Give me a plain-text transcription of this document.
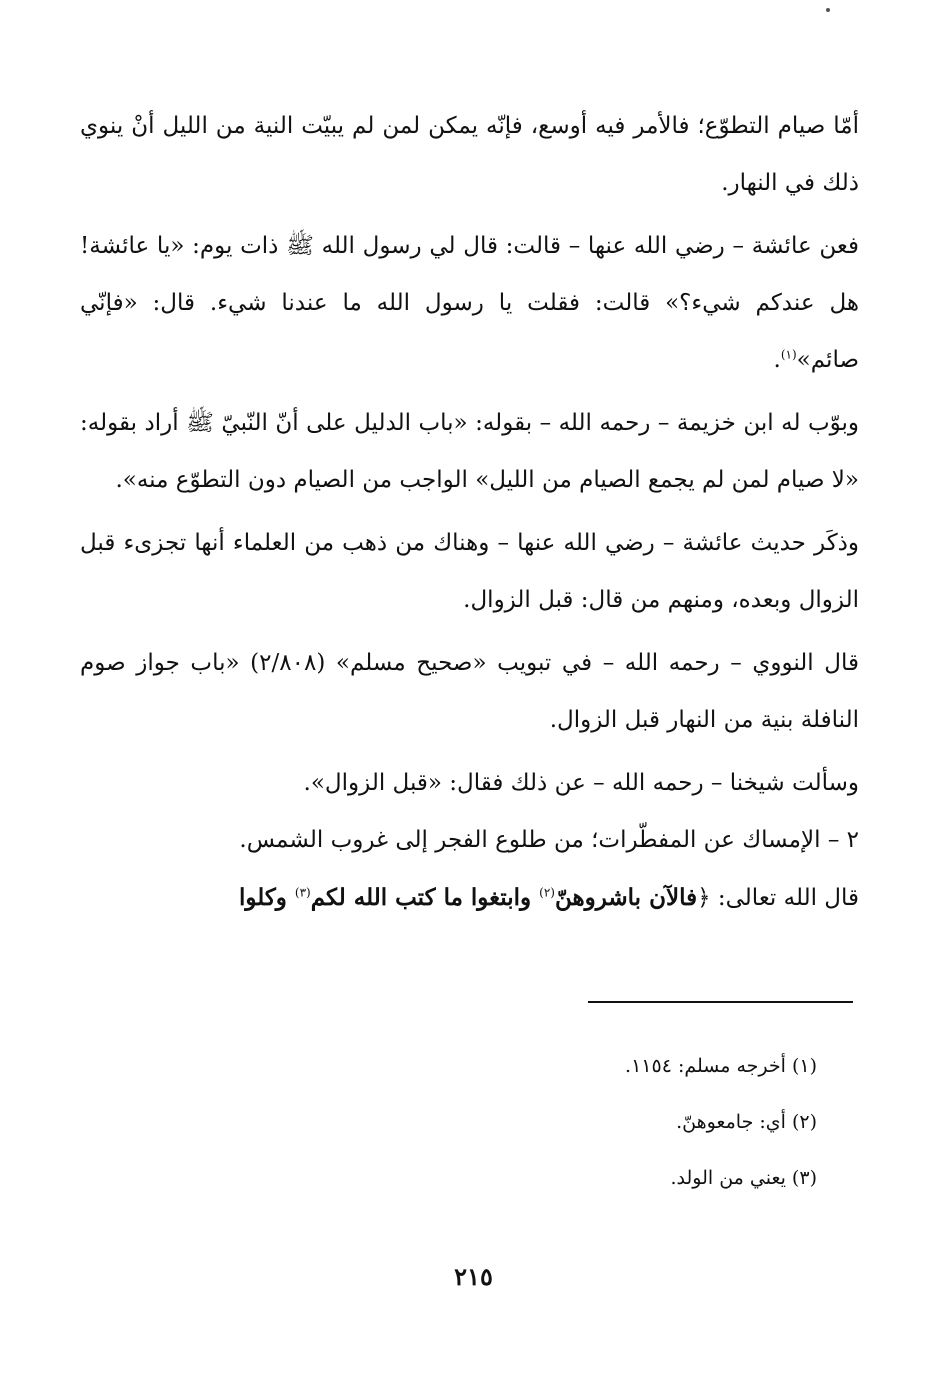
أمّا صيام التطوّع؛ فالأمر فيه أوسع، فإنّه يمكن لمن لم يبيّت النية من الليل أنْ ينوي ذلك في النهار.

فعن عائشة – رضي الله عنها – قالت: قال لي رسول الله ﷺ ذات يوم: «يا عائشة! هل عندكم شيء؟» قالت: فقلت يا رسول الله ما عندنا شيء. قال: «فإنّي صائم»$^{(١)}$.

وبوّب له ابن خزيمة – رحمه الله – بقوله: «باب الدليل على أنّ النّبيّ ﷺ أراد بقوله: «لا صيام لمن لم يجمع الصيام من الليل» الواجب من الصيام دون التطوّع منه».

وذكَر حديث عائشة – رضي الله عنها – وهناك من ذهب من العلماء أنها تجزىء قبل الزوال وبعده، ومنهم من قال: قبل الزوال.

قال النووي – رحمه الله – في تبويب «صحيح مسلم» (٢/٨٠٨) «باب جواز صوم النافلة بنية من النهار قبل الزوال.

وسألت شيخنا – رحمه الله – عن ذلك فقال: «قبل الزوال».

٢ – الإمساك عن المفطّرات؛ من طلوع الفجر إلى غروب الشمس.

قال الله تعالى: ﴿فالآن باشروهنّ$^{(٢)}$ وابتغوا ما كتب الله لكم$^{(٣)}$ وكلوا

(١) أخرجه مسلم: ١١٥٤.
(٢) أي: جامعوهنّ.
(٣) يعني من الولد.
٢١٥
